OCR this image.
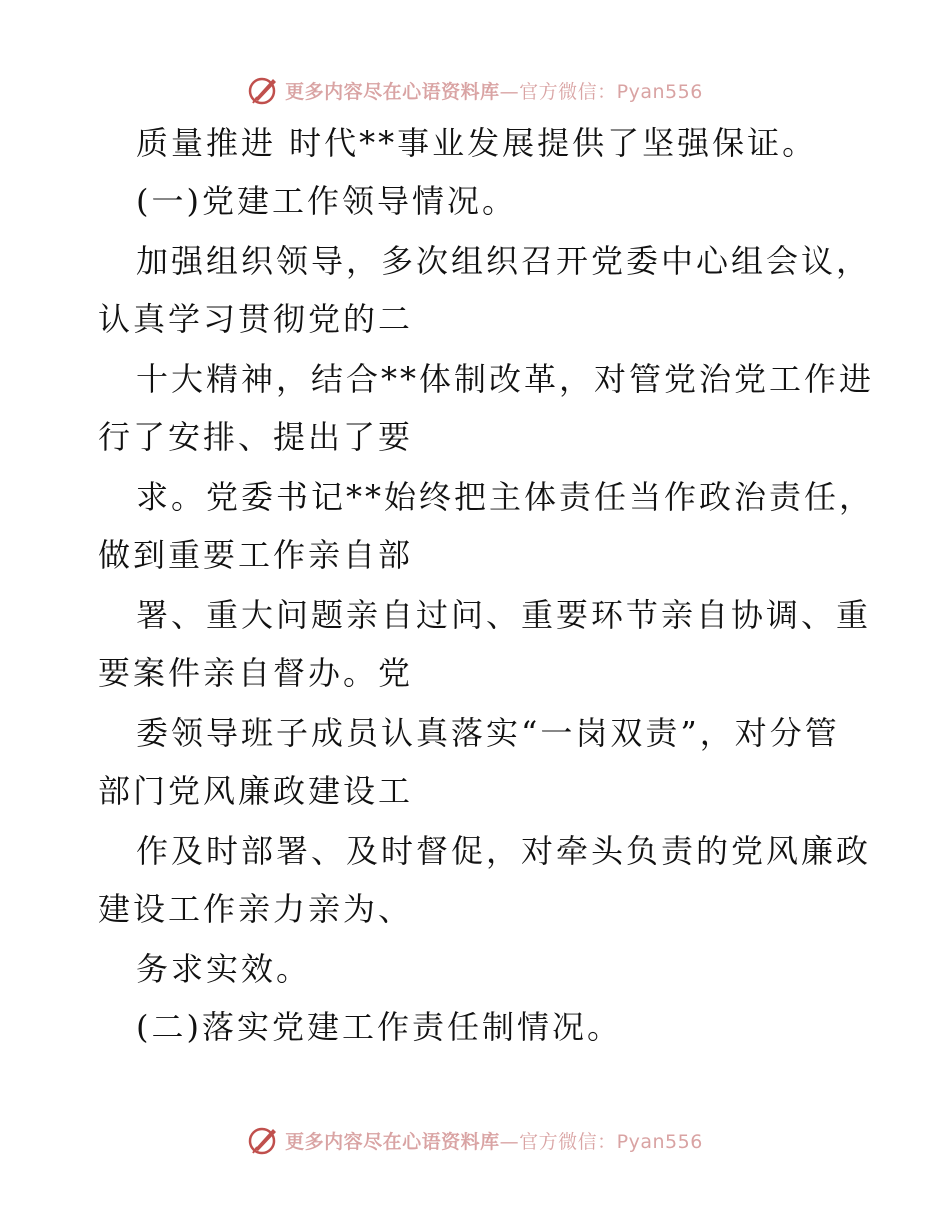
更多内容尽在心语资料库—官方微信：Pyan556
质量推进 时代**事业发展提供了坚强保证。
(一)党建工作领导情况。
加强组织领导，多次组织召开党委中心组会议，
认真学习贯彻党的二
十大精神，结合**体制改革，对管党治党工作进
行了安排、提出了要
求。党委书记**始终把主体责任当作政治责任，
做到重要工作亲自部
署、重大问题亲自过问、重要环节亲自协调、重
要案件亲自督办。党
委领导班子成员认真落实“一岗双责”，对分管
部门党风廉政建设工
作及时部署、及时督促，对牵头负责的党风廉政
建设工作亲力亲为、
务求实效。
(二)落实党建工作责任制情况。
更多内容尽在心语资料库—官方微信：Pyan556
